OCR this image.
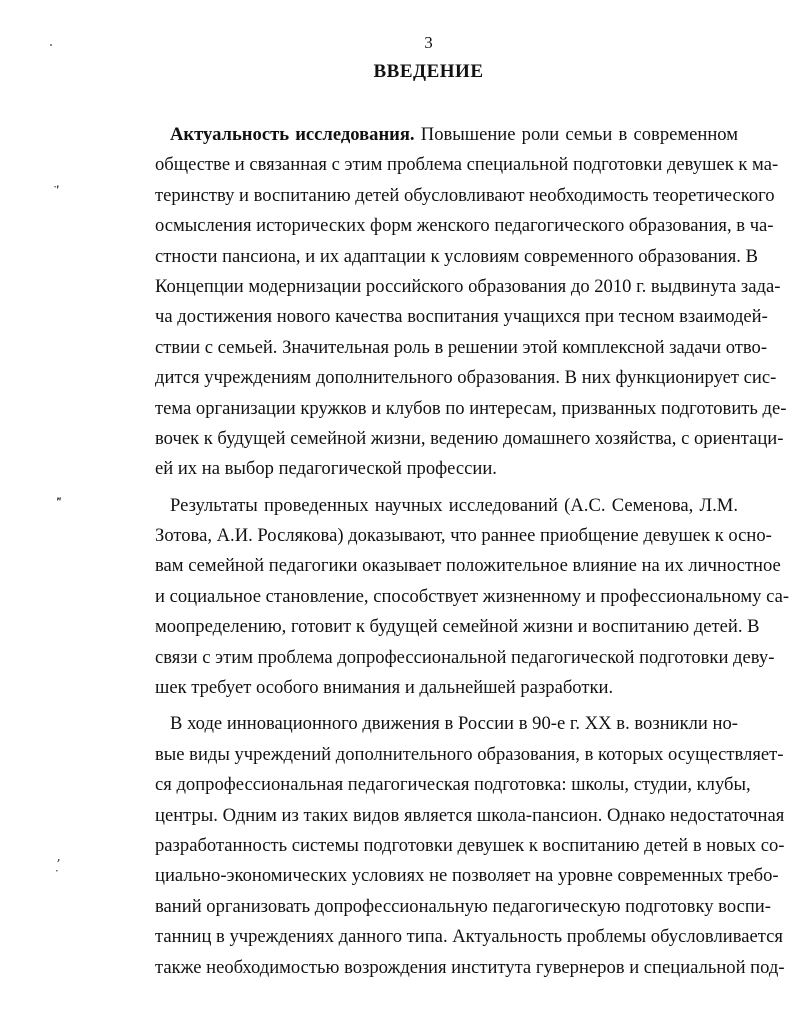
3
ВВЕДЕНИЕ
ʹ̈
ʺ̇
ʼ̣
Актуальность исследования. Повышение роли семьи в современном
обществе и связанная с этим проблема специальной подготовки девушек к ма-
теринству и воспитанию детей обусловливают необходимость теоретического
осмысления исторических форм женского педагогического образования, в ча-
стности пансиона, и их адаптации к условиям современного образования. В
Концепции модернизации российского образования до 2010 г. выдвинута зада-
ча достижения нового качества воспитания учащихся при тесном взаимодей-
ствии с семьей. Значительная роль в решении этой комплексной задачи отво-
дится учреждениям дополнительного образования. В них функционирует сис-
тема организации кружков и клубов по интересам, призванных подготовить де-
вочек к будущей семейной жизни, ведению домашнего хозяйства, с ориентаци-
ей их на выбор педагогической профессии.
Результаты проведенных научных исследований (А.С. Семенова, Л.М.
Зотова, А.И. Рослякова) доказывают, что раннее приобщение девушек к осно-
вам семейной педагогики оказывает положительное влияние на их личностное
и социальное становление, способствует жизненному и профессиональному са-
моопределению, готовит к будущей семейной жизни и воспитанию детей. В
связи с этим проблема допрофессиональной педагогической подготовки деву-
шек требует особого внимания и дальнейшей разработки.
В ходе инновационного движения в России в 90-е г. XX в. возникли но-
вые виды учреждений дополнительного образования, в которых осуществляет-
ся допрофессиональная педагогическая подготовка: школы, студии, клубы,
центры. Одним из таких видов является школа-пансион. Однако недостаточная
разработанность системы подготовки девушек к воспитанию детей в новых со-
циально-экономических условиях не позволяет на уровне современных требо-
ваний организовать допрофессиональную педагогическую подготовку воспи-
танниц в учреждениях данного типа. Актуальность проблемы обусловливается
также необходимостью возрождения института гувернеров и специальной под-
